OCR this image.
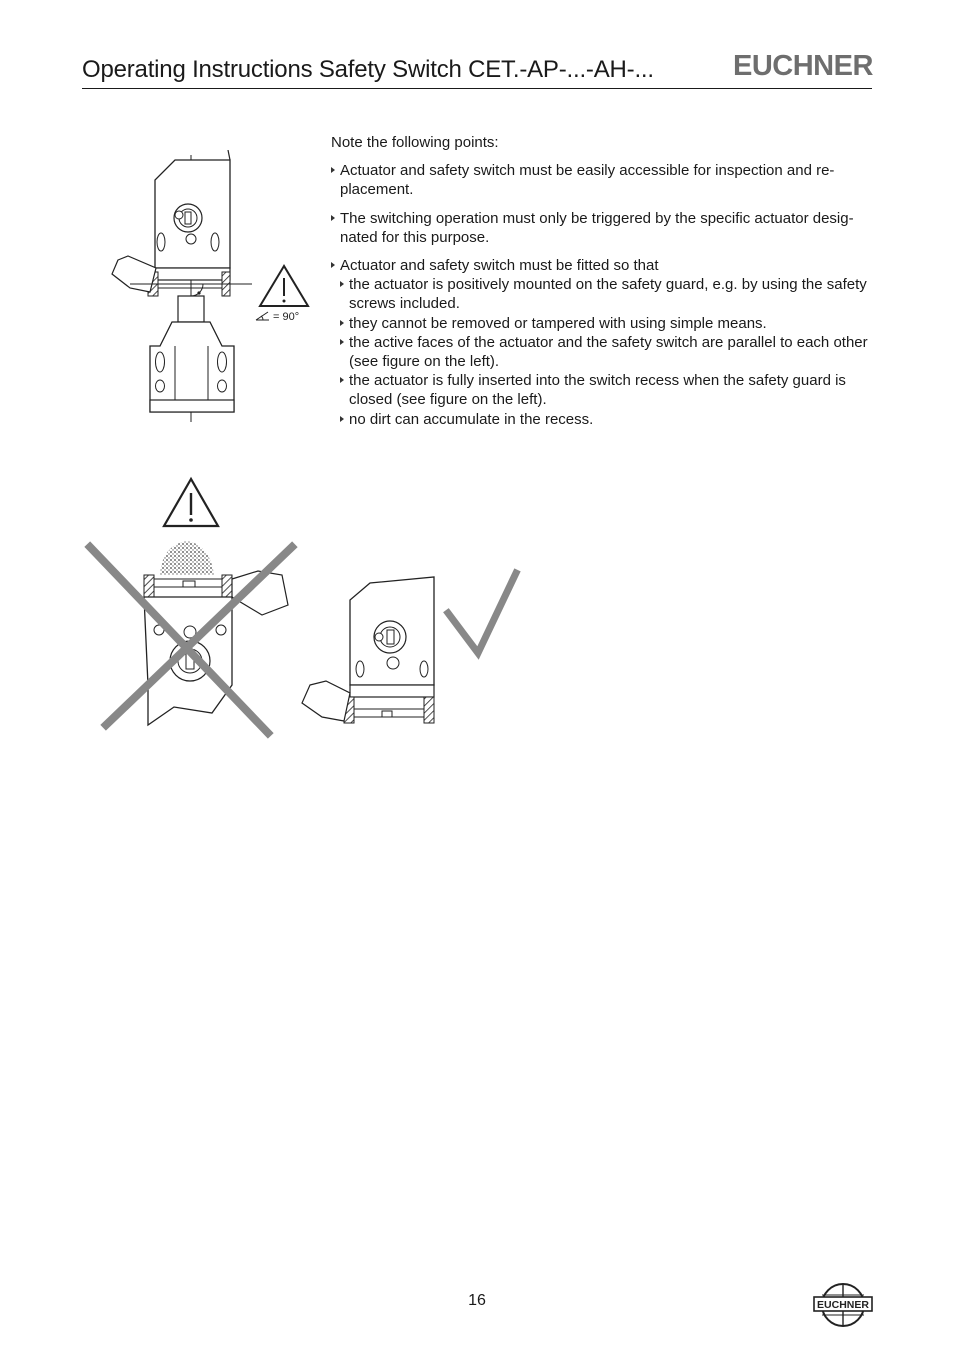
Operating Instructions Safety Switch CET.-AP-...-AH-...	EUCHNER

Note the following points:

Actuator and safety switch must be easily accessible for inspection and re-placement.
The switching operation must only be triggered by the specific actuator desig-nated for this purpose.
Actuator and safety switch must be fitted so that
the actuator is positively mounted on the safety guard, e.g. by using the safety screws included.
they cannot be removed or tampered with using simple means.
the active faces of the actuator and the safety switch are parallel to each other (see figure on the left).
the actuator is fully inserted into the switch recess when the safety guard is closed (see figure on the left).
no dirt can accumulate in the recess.
= 90°
16	EUCHNER
